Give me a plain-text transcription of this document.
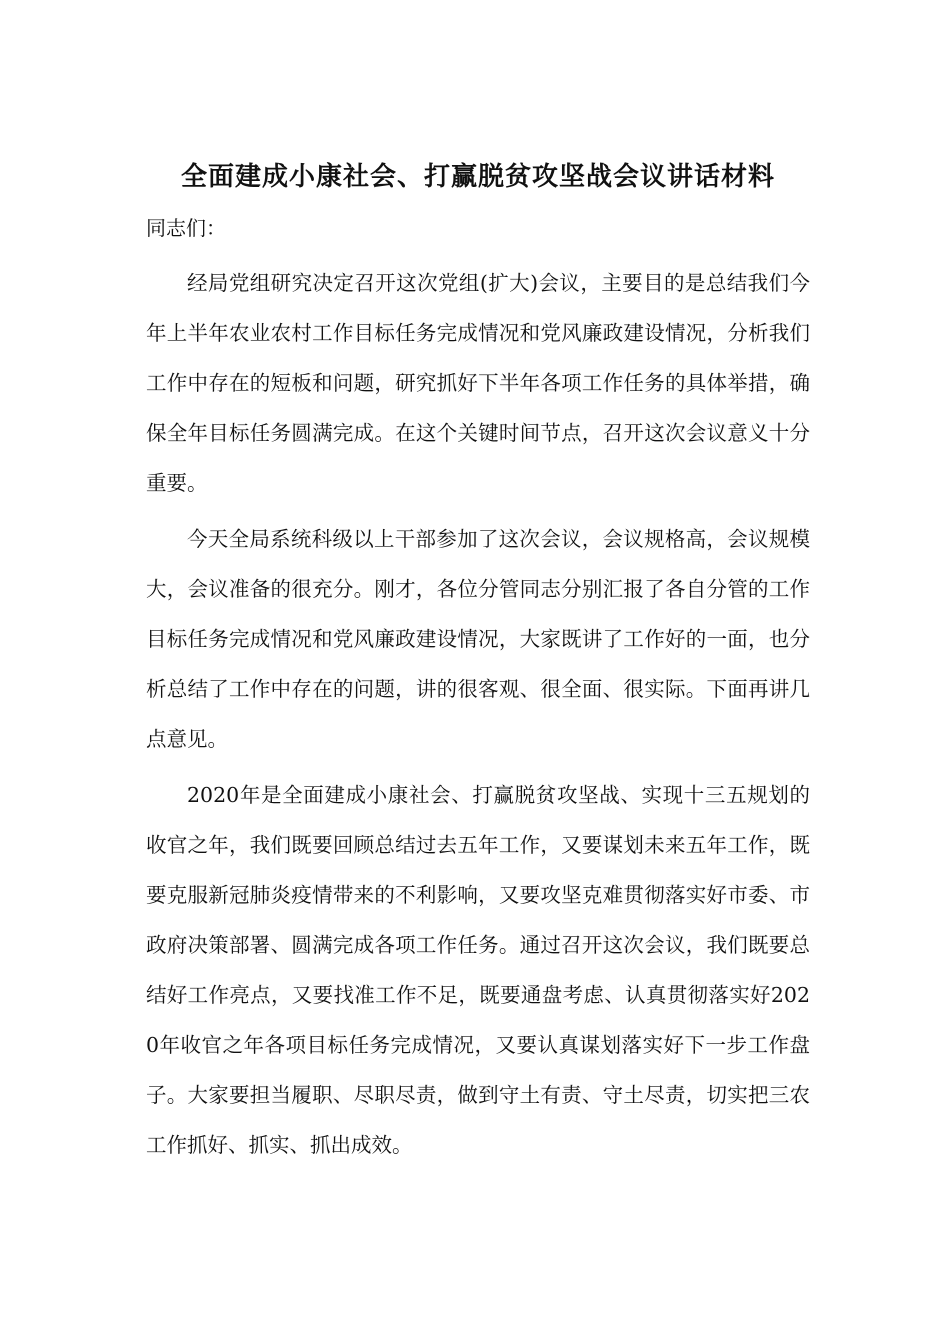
全面建成小康社会、打赢脱贫攻坚战会议讲话材料

同志们：

经局党组研究决定召开这次党组(扩大)会议，主要目的是总结我们今年上半年农业农村工作目标任务完成情况和党风廉政建设情况，分析我们工作中存在的短板和问题，研究抓好下半年各项工作任务的具体举措，确保全年目标任务圆满完成。在这个关键时间节点，召开这次会议意义十分重要。

今天全局系统科级以上干部参加了这次会议，会议规格高，会议规模大，会议准备的很充分。刚才，各位分管同志分别汇报了各自分管的工作目标任务完成情况和党风廉政建设情况，大家既讲了工作好的一面，也分析总结了工作中存在的问题，讲的很客观、很全面、很实际。下面再讲几点意见。

2020年是全面建成小康社会、打赢脱贫攻坚战、实现十三五规划的收官之年，我们既要回顾总结过去五年工作，又要谋划未来五年工作，既要克服新冠肺炎疫情带来的不利影响，又要攻坚克难贯彻落实好市委、市政府决策部署、圆满完成各项工作任务。通过召开这次会议，我们既要总结好工作亮点，又要找准工作不足，既要通盘考虑、认真贯彻落实好2020年收官之年各项目标任务完成情况，又要认真谋划落实好下一步工作盘子。大家要担当履职、尽职尽责，做到守土有责、守土尽责，切实把三农工作抓好、抓实、抓出成效。
